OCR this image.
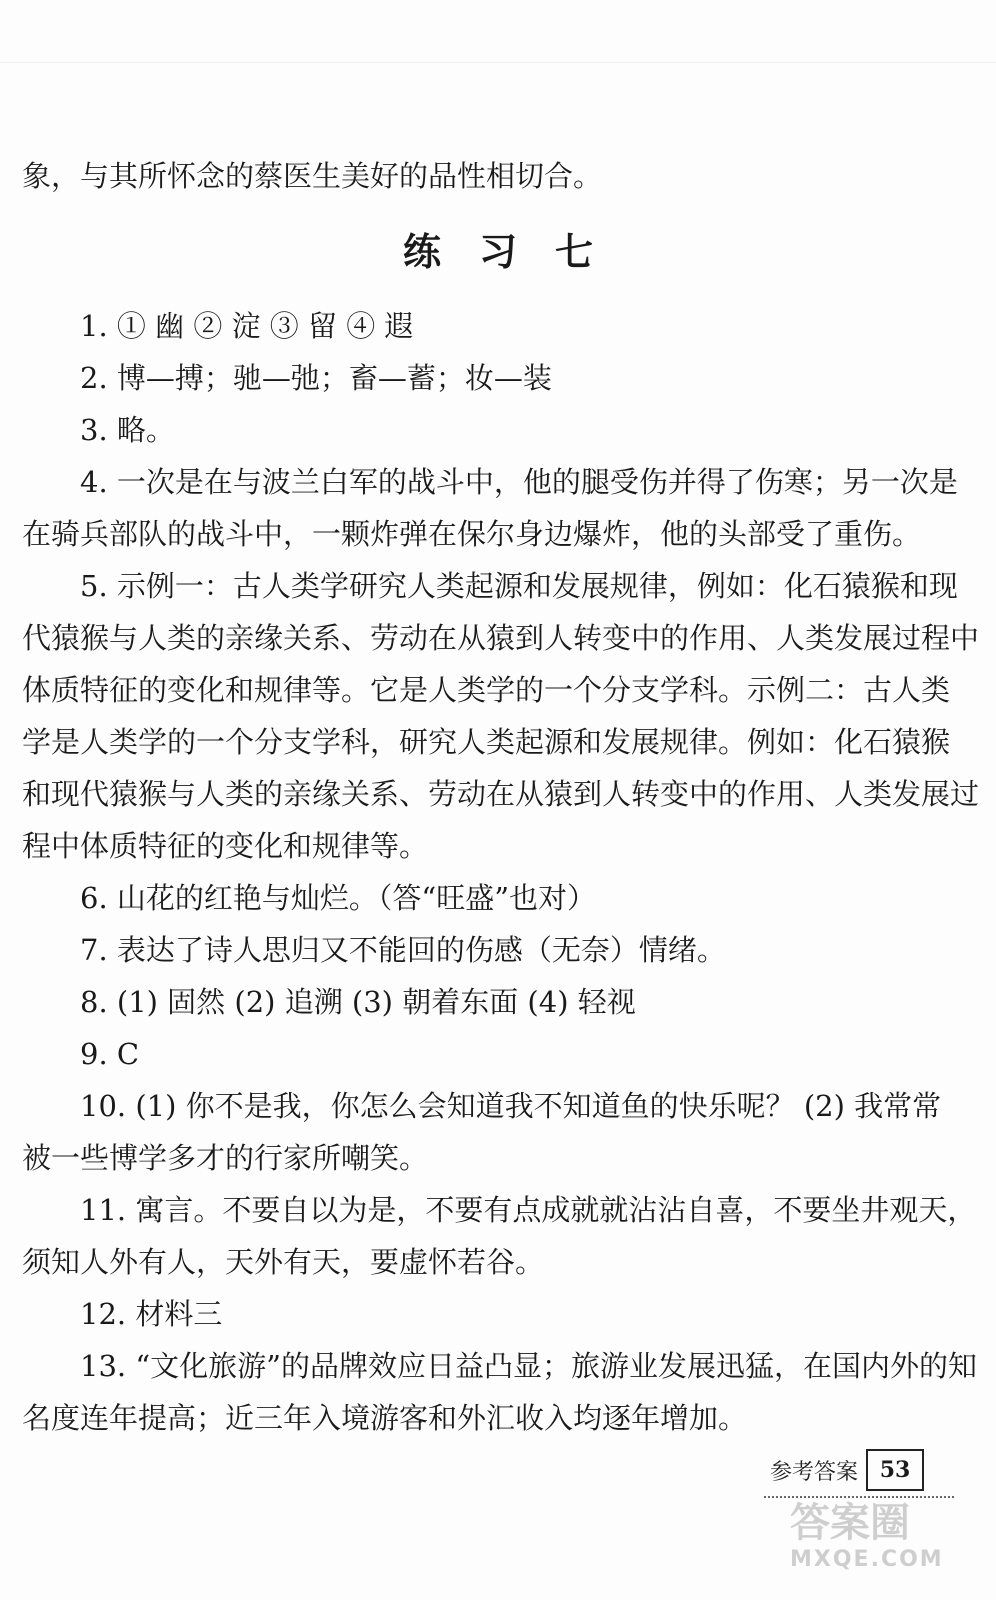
象，与其所怀念的蔡医生美好的品性相切合。
练习七
1. ① 幽 ② 淀 ③ 留 ④ 遐
2. 博—搏；驰—弛；畜—蓄；妆—装
3. 略。
4. 一次是在与波兰白军的战斗中，他的腿受伤并得了伤寒；另一次是
在骑兵部队的战斗中，一颗炸弹在保尔身边爆炸，他的头部受了重伤。
5. 示例一：古人类学研究人类起源和发展规律，例如：化石猿猴和现
代猿猴与人类的亲缘关系、劳动在从猿到人转变中的作用、人类发展过程中
体质特征的变化和规律等。它是人类学的一个分支学科。示例二：古人类
学是人类学的一个分支学科，研究人类起源和发展规律。例如：化石猿猴
和现代猿猴与人类的亲缘关系、劳动在从猿到人转变中的作用、人类发展过
程中体质特征的变化和规律等。
6. 山花的红艳与灿烂。（答“旺盛”也对）
7. 表达了诗人思归又不能回的伤感（无奈）情绪。
8. (1) 固然 (2) 追溯 (3) 朝着东面 (4) 轻视
9. C
10. (1) 你不是我，你怎么会知道我不知道鱼的快乐呢？ (2) 我常常
被一些博学多才的行家所嘲笑。
11. 寓言。不要自以为是，不要有点成就就沾沾自喜，不要坐井观天，
须知人外有人，天外有天，要虚怀若谷。
12. 材料三
13. “文化旅游”的品牌效应日益凸显；旅游业发展迅猛，在国内外的知
名度连年提高；近三年入境游客和外汇收入均逐年增加。
参考答案 53
答案圈
MXQE.COM
